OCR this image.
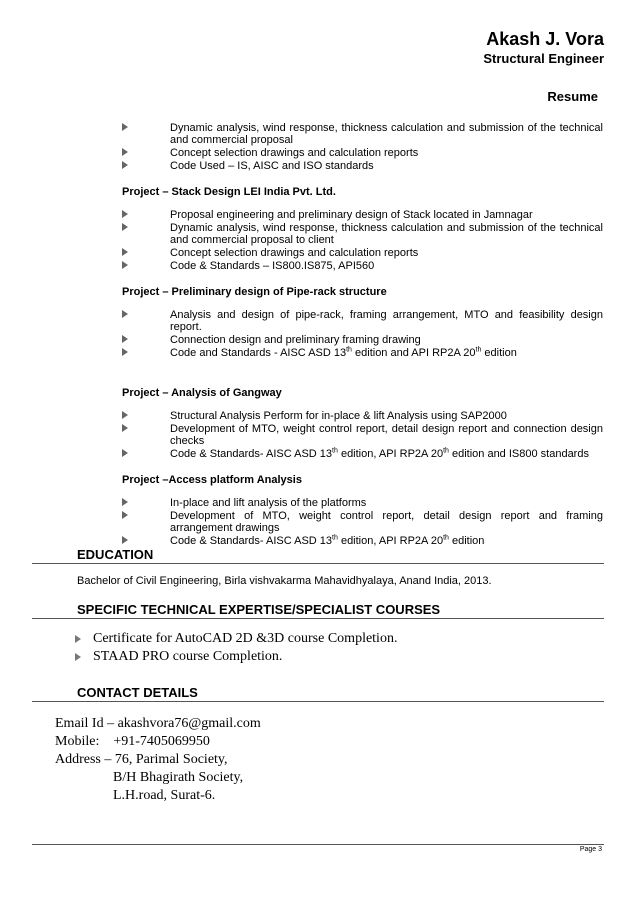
Akash J. Vora
Structural Engineer
Resume
Dynamic analysis, wind response, thickness calculation and submission of the technical and commercial proposal
Concept selection drawings and calculation reports
Code Used – IS, AISC and ISO standards
Project – Stack Design LEI India Pvt. Ltd.
Proposal engineering and preliminary design of Stack located in Jamnagar
Dynamic analysis, wind response, thickness calculation and submission of the technical and commercial proposal to client
Concept selection drawings and calculation reports
Code & Standards – IS800.IS875, API560
Project – Preliminary design of Pipe-rack structure
Analysis and design of pipe-rack, framing arrangement, MTO and feasibility design report.
Connection design and preliminary framing drawing
Code and Standards - AISC ASD 13th edition and API RP2A 20th edition
Project – Analysis of Gangway
Structural Analysis Perform for in-place & lift Analysis using SAP2000
Development of MTO, weight control report, detail design report and connection design checks
Code & Standards- AISC ASD 13th edition, API RP2A 20th edition and IS800 standards
Project –Access platform Analysis
In-place and lift analysis of the platforms
Development of MTO, weight control report, detail design report and framing arrangement drawings
Code & Standards- AISC ASD 13th edition, API RP2A 20th edition
EDUCATION
Bachelor of Civil Engineering, Birla vishvakarma Mahavidhyalaya, Anand India, 2013.
SPECIFIC TECHNICAL EXPERTISE/SPECIALIST COURSES
Certificate for AutoCAD 2D &3D course Completion.
STAAD PRO course Completion.
CONTACT DETAILS
Email Id – akashvora76@gmail.com
Mobile:    +91-7405069950
Address – 76, Parimal Society,
B/H Bhagirath Society,
L.H.road, Surat-6.
Page 3
